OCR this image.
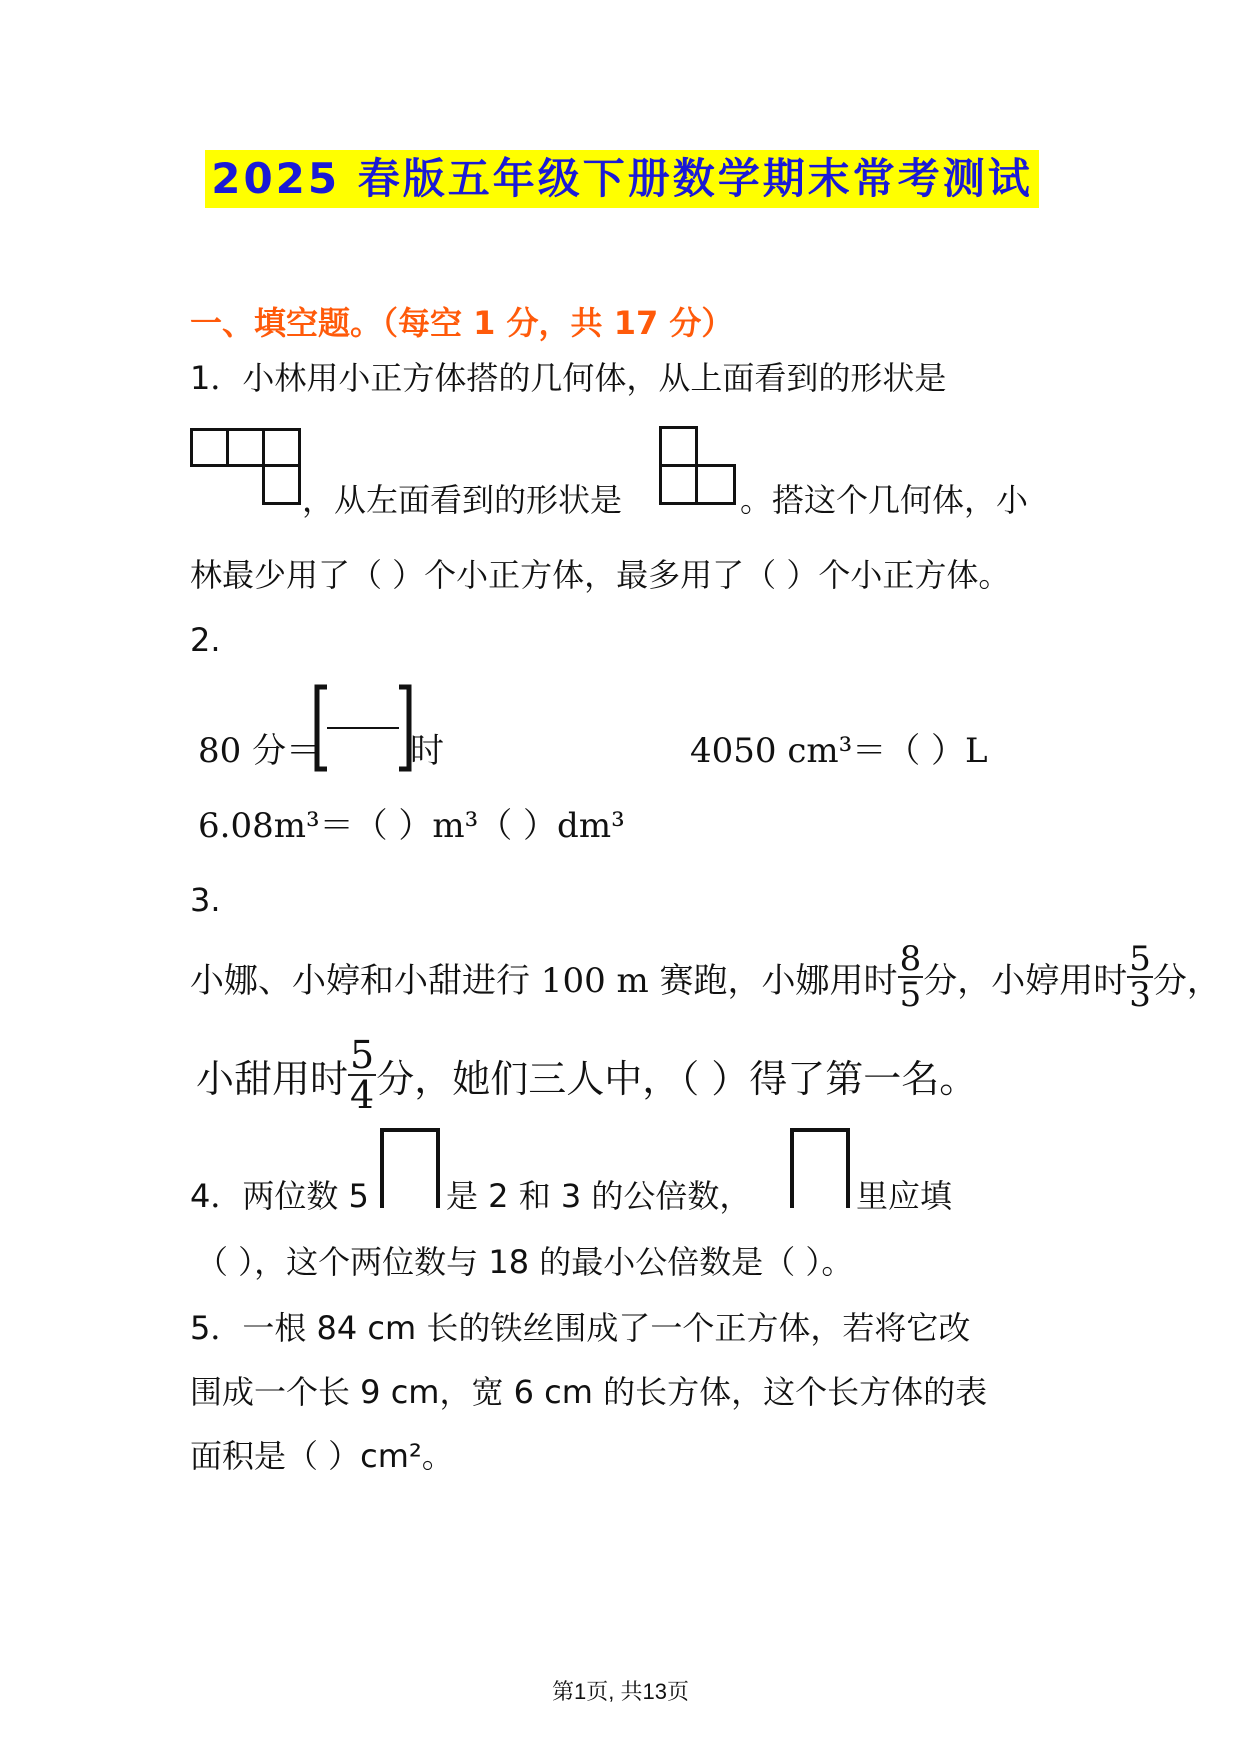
2025 春版五年级下册数学期末常考测试
一、填空题。（每空 1 分，共 17 分）
1．小林用小正方体搭的几何体，从上面看到的形状是
，从左面看到的形状是	。搭这个几何体，小
林最少用了（ ）个小正方体，最多用了（ ）个小正方体。
2.
80 分＝	时	4050 cm³＝（ ）L
6.08m³＝（ ）m³（ ）dm³
3.
小娜、小婷和小甜进行 100 m 赛跑，小娜用时 $\frac{8}{5}$ 分，小婷用时 $\frac{5}{3}$ 分，
小甜用时 $\frac{5}{4}$ 分，她们三人中，（ ）得了第一名。
4．两位数 5 是 2 和 3 的公倍数，	里应填
（ ），这个两位数与 18 的最小公倍数是（ ）。
5．一根 84 cm 长的铁丝围成了一个正方体，若将它改
围成一个长 9 cm，宽 6 cm 的长方体，这个长方体的表
面积是（ ）cm²。
第1页, 共13页
